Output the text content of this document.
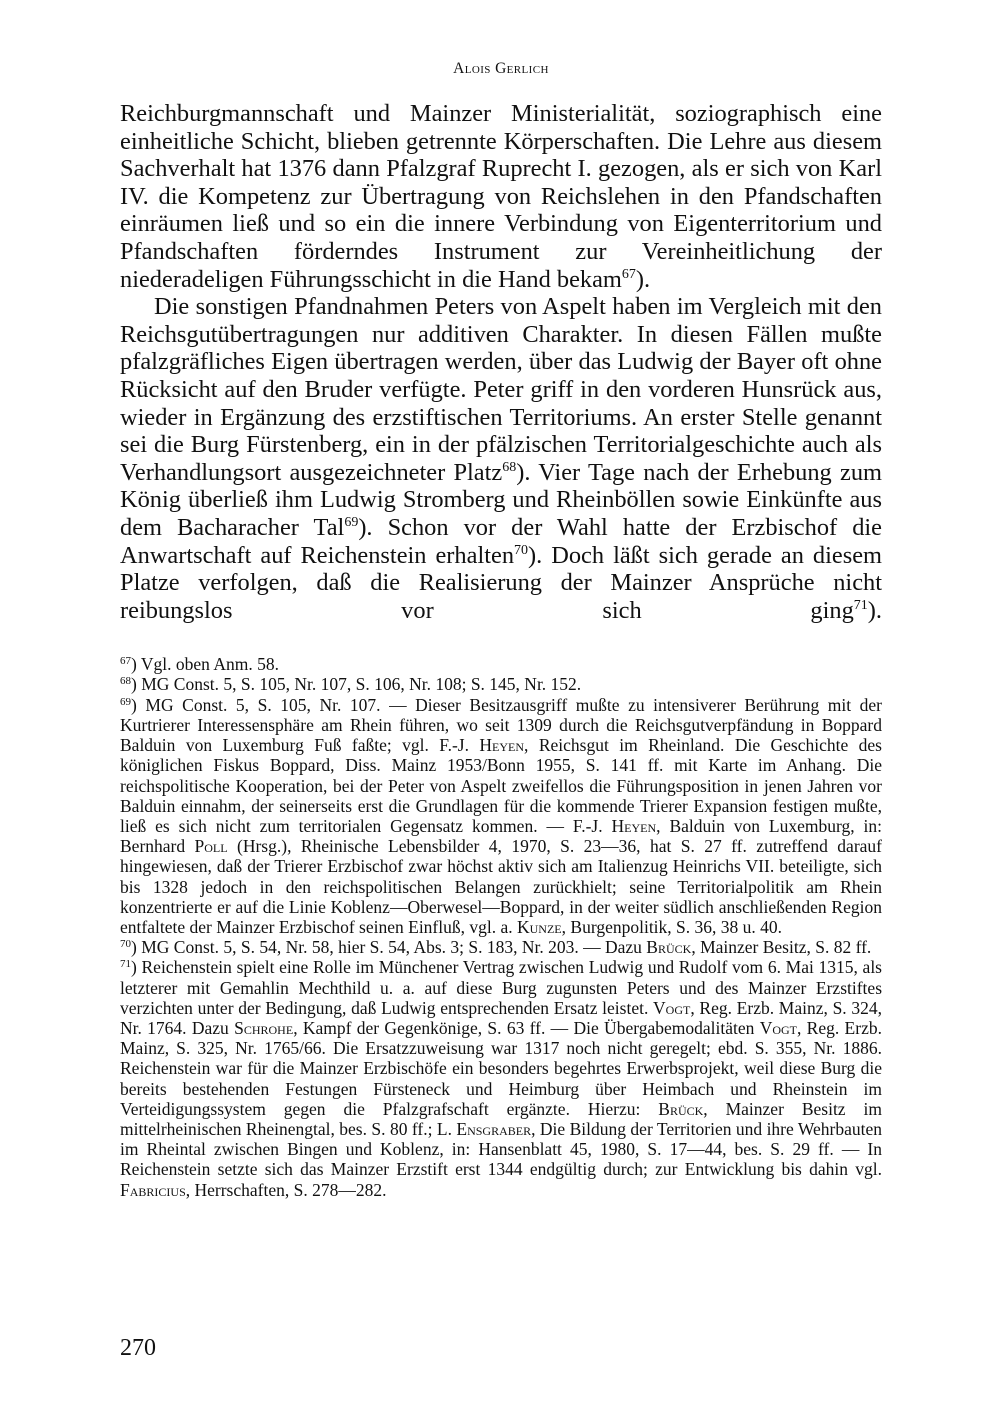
Alois Gerlich

Reichburgmannschaft und Mainzer Ministerialität, soziographisch eine einheitliche Schicht, blieben getrennte Körperschaften. Die Lehre aus diesem Sachverhalt hat 1376 dann Pfalzgraf Ruprecht I. gezogen, als er sich von Karl IV. die Kompetenz zur Übertragung von Reichslehen in den Pfandschaften einräumen ließ und so ein die innere Verbindung von Eigenterritorium und Pfandschaften förderndes Instrument zur Vereinheitlichung der niederadeligen Führungsschicht in die Hand bekam$^{67}$).

Die sonstigen Pfandnahmen Peters von Aspelt haben im Vergleich mit den Reichsgutübertragungen nur additiven Charakter. In diesen Fällen mußte pfalzgräfliches Eigen übertragen werden, über das Ludwig der Bayer oft ohne Rücksicht auf den Bruder verfügte. Peter griff in den vorderen Hunsrück aus, wieder in Ergänzung des erzstiftischen Territoriums. An erster Stelle genannt sei die Burg Fürstenberg, ein in der pfälzischen Territorialgeschichte auch als Verhandlungsort ausgezeichneter Platz$^{68}$). Vier Tage nach der Erhebung zum König überließ ihm Ludwig Stromberg und Rheinböllen sowie Einkünfte aus dem Bacharacher Tal$^{69}$). Schon vor der Wahl hatte der Erzbischof die Anwartschaft auf Reichenstein erhalten$^{70}$). Doch läßt sich gerade an diesem Platze verfolgen, daß die Realisierung der Mainzer Ansprüche nicht reibungslos vor sich ging$^{71}$).

$^{67}$) Vgl. oben Anm. 58.

$^{68}$) MG Const. 5, S. 105, Nr. 107, S. 106, Nr. 108; S. 145, Nr. 152.

$^{69}$) MG Const. 5, S. 105, Nr. 107. — Dieser Besitzausgriff mußte zu intensiverer Berührung mit der Kurtrierer Interessensphäre am Rhein führen, wo seit 1309 durch die Reichsgutverpfändung in Boppard Balduin von Luxemburg Fuß faßte; vgl. F.-J. Heyen, Reichsgut im Rheinland. Die Geschichte des königlichen Fiskus Boppard, Diss. Mainz 1953/Bonn 1955, S. 141 ff. mit Karte im Anhang. Die reichspolitische Kooperation, bei der Peter von Aspelt zweifellos die Führungsposition in jenen Jahren vor Balduin einnahm, der seinerseits erst die Grundlagen für die kommende Trierer Expansion festigen mußte, ließ es sich nicht zum territorialen Gegensatz kommen. — F.-J. Heyen, Balduin von Luxemburg, in: Bernhard Poll (Hrsg.), Rheinische Lebensbilder 4, 1970, S. 23—36, hat S. 27 ff. zutreffend darauf hingewiesen, daß der Trierer Erzbischof zwar höchst aktiv sich am Italienzug Heinrichs VII. beteiligte, sich bis 1328 jedoch in den reichspolitischen Belangen zurückhielt; seine Territorialpolitik am Rhein konzentrierte er auf die Linie Koblenz—Oberwesel—Boppard, in der weiter südlich anschließenden Region entfaltete der Mainzer Erzbischof seinen Einfluß, vgl. a. Kunze, Burgenpolitik, S. 36, 38 u. 40.

$^{70}$) MG Const. 5, S. 54, Nr. 58, hier S. 54, Abs. 3; S. 183, Nr. 203. — Dazu Brück, Mainzer Besitz, S. 82 ff.

$^{71}$) Reichenstein spielt eine Rolle im Münchener Vertrag zwischen Ludwig und Rudolf vom 6. Mai 1315, als letzterer mit Gemahlin Mechthild u. a. auf diese Burg zugunsten Peters und des Mainzer Erzstiftes verzichten unter der Bedingung, daß Ludwig entsprechenden Ersatz leistet. Vogt, Reg. Erzb. Mainz, S. 324, Nr. 1764. Dazu Schrohe, Kampf der Gegenkönige, S. 63 ff. — Die Übergabemodalitäten Vogt, Reg. Erzb. Mainz, S. 325, Nr. 1765/66. Die Ersatzzuweisung war 1317 noch nicht geregelt; ebd. S. 355, Nr. 1886. Reichenstein war für die Mainzer Erzbischöfe ein besonders begehrtes Erwerbsprojekt, weil diese Burg die bereits bestehenden Festungen Fürsteneck und Heimburg über Heimbach und Rheinstein im Verteidigungssystem gegen die Pfalzgrafschaft ergänzte. Hierzu: Brück, Mainzer Besitz im mittelrheinischen Rheinengtal, bes. S. 80 ff.; L. Ensgraber, Die Bildung der Territorien und ihre Wehrbauten im Rheintal zwischen Bingen und Koblenz, in: Hansenblatt 45, 1980, S. 17—44, bes. S. 29 ff. — In Reichenstein setzte sich das Mainzer Erzstift erst 1344 endgültig durch; zur Entwicklung bis dahin vgl. Fabricius, Herrschaften, S. 278—282.

270
